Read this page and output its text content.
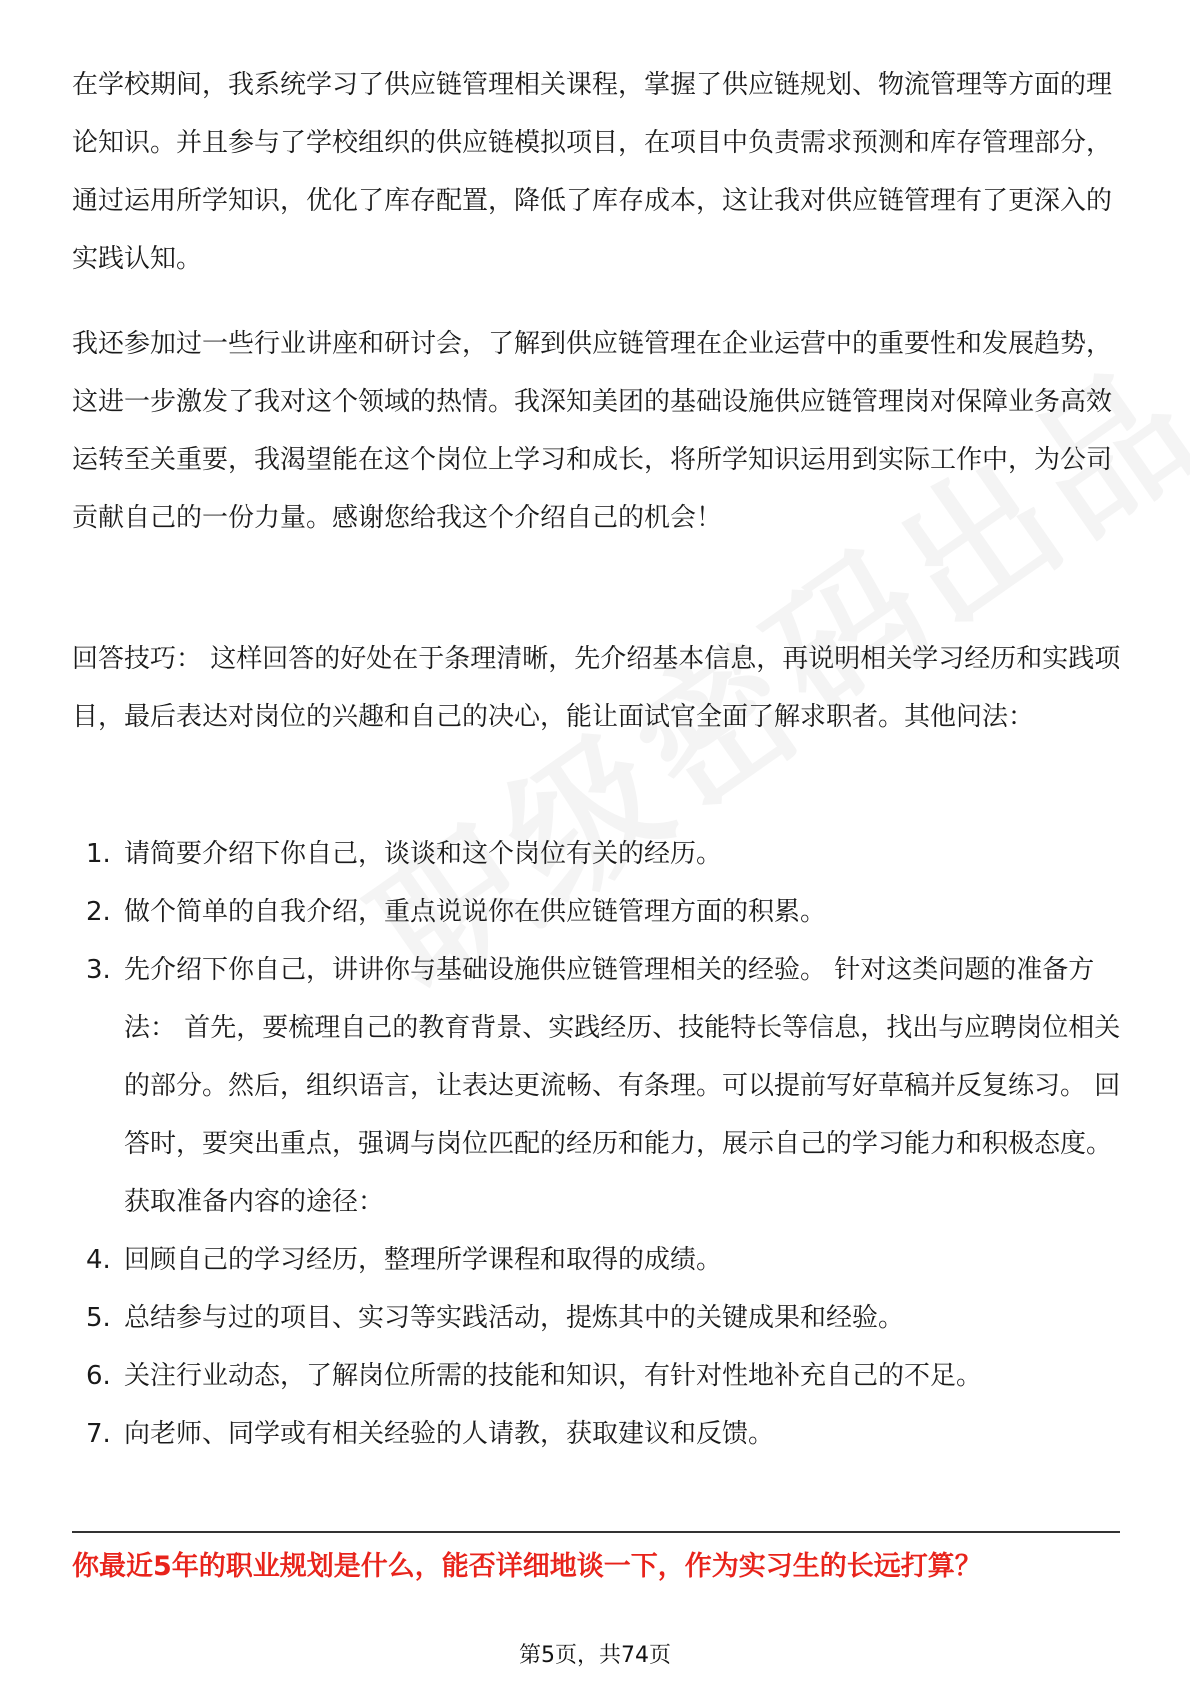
在学校期间，我系统学习了供应链管理相关课程，掌握了供应链规划、物流管理等方面的理论知识。并且参与了学校组织的供应链模拟项目，在项目中负责需求预测和库存管理部分，通过运用所学知识，优化了库存配置，降低了库存成本，这让我对供应链管理有了更深入的实践认知。

我还参加过一些行业讲座和研讨会，了解到供应链管理在企业运营中的重要性和发展趋势，这进一步激发了我对这个领域的热情。我深知美团的基础设施供应链管理岗对保障业务高效运转至关重要，我渴望能在这个岗位上学习和成长，将所学知识运用到实际工作中，为公司贡献自己的一份力量。感谢您给我这个介绍自己的机会！

回答技巧： 这样回答的好处在于条理清晰，先介绍基本信息，再说明相关学习经历和实践项目，最后表达对岗位的兴趣和自己的决心，能让面试官全面了解求职者。其他问法：

1. 请简要介绍下你自己，谈谈和这个岗位有关的经历。
2. 做个简单的自我介绍，重点说说你在供应链管理方面的积累。
3. 先介绍下你自己，讲讲你与基础设施供应链管理相关的经验。 针对这类问题的准备方法： 首先，要梳理自己的教育背景、实践经历、技能特长等信息，找出与应聘岗位相关的部分。然后，组织语言，让表达更流畅、有条理。可以提前写好草稿并反复练习。 回答时，要突出重点，强调与岗位匹配的经历和能力，展示自己的学习能力和积极态度。 获取准备内容的途径：
4. 回顾自己的学习经历，整理所学课程和取得的成绩。
5. 总结参与过的项目、实习等实践活动，提炼其中的关键成果和经验。
6. 关注行业动态，了解岗位所需的技能和知识，有针对性地补充自己的不足。
7. 向老师、同学或有相关经验的人请教，获取建议和反馈。
你最近5年的职业规划是什么，能否详细地谈一下，作为实习生的长远打算？
第5页，共74页
